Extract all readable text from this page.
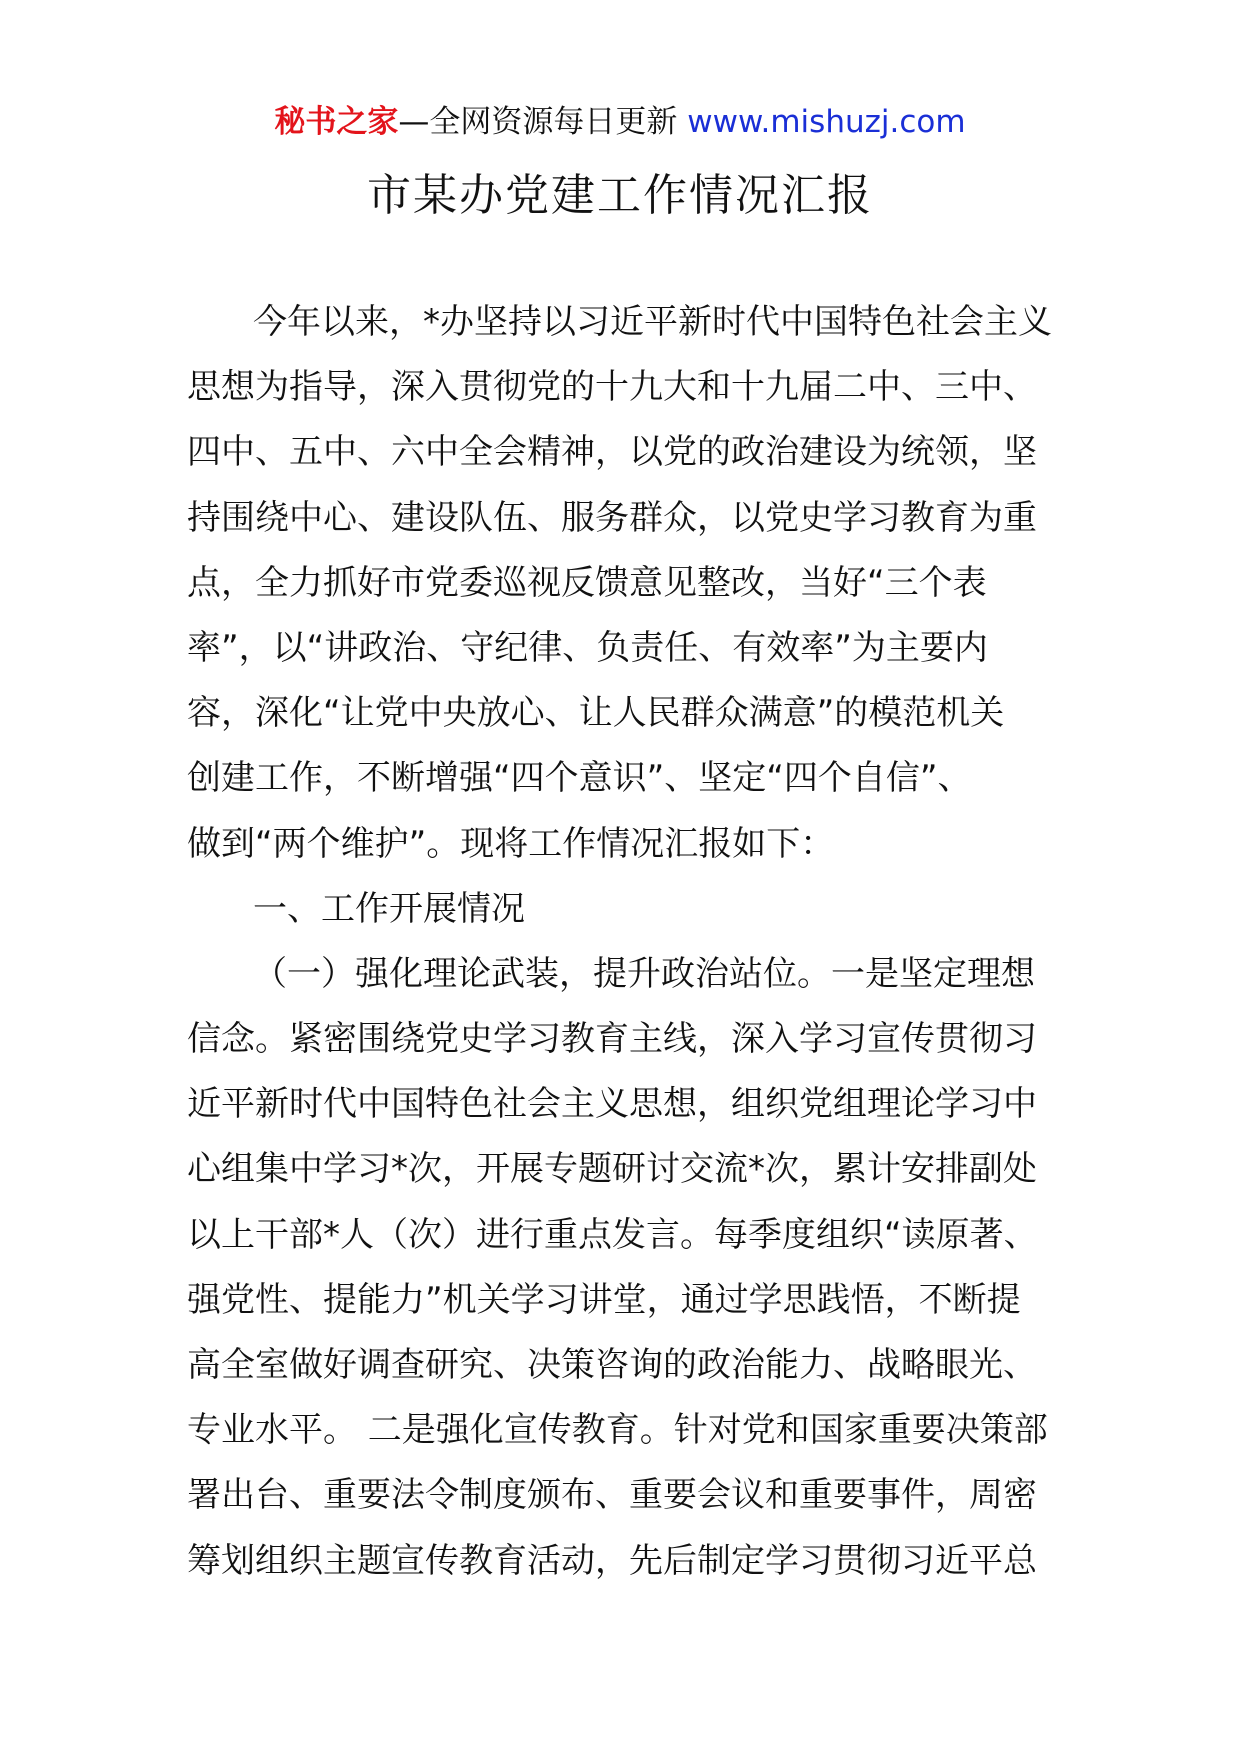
秘书之家—全网资源每日更新 www.mishuzj.com
市某办党建工作情况汇报
今年以来，*办坚持以习近平新时代中国特色社会主义
思想为指导，深入贯彻党的十九大和十九届二中、三中、
四中、五中、六中全会精神，以党的政治建设为统领，坚
持围绕中心、建设队伍、服务群众，以党史学习教育为重
点，全力抓好市党委巡视反馈意见整改，当好“三个表
率”，以“讲政治、守纪律、负责任、有效率”为主要内
容，深化“让党中央放心、让人民群众满意”的模范机关
创建工作，不断增强“四个意识”、坚定“四个自信”、
做到“两个维护”。现将工作情况汇报如下：
一、工作开展情况
（一）强化理论武装，提升政治站位。一是坚定理想
信念。紧密围绕党史学习教育主线，深入学习宣传贯彻习
近平新时代中国特色社会主义思想，组织党组理论学习中
心组集中学习*次，开展专题研讨交流*次，累计安排副处
以上干部*人（次）进行重点发言。每季度组织“读原著、
强党性、提能力”机关学习讲堂，通过学思践悟，不断提
高全室做好调查研究、决策咨询的政治能力、战略眼光、
专业水平。 二是强化宣传教育。针对党和国家重要决策部
署出台、重要法令制度颁布、重要会议和重要事件，周密
筹划组织主题宣传教育活动，先后制定学习贯彻习近平总
